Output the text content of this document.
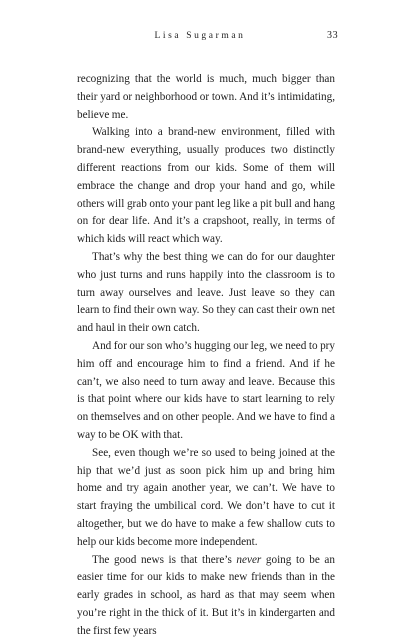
Lisa Sugarman	33

recognizing that the world is much, much bigger than their yard or neighborhood or town. And it’s intimidating, believe me.

Walking into a brand-new environment, filled with brand-new everything, usually produces two distinctly different reactions from our kids. Some of them will embrace the change and drop your hand and go, while others will grab onto your pant leg like a pit bull and hang on for dear life. And it’s a crapshoot, really, in terms of which kids will react which way.

That’s why the best thing we can do for our daughter who just turns and runs happily into the classroom is to turn away ourselves and leave. Just leave so they can learn to find their own way. So they can cast their own net and haul in their own catch.

And for our son who’s hugging our leg, we need to pry him off and encourage him to find a friend. And if he can’t, we also need to turn away and leave. Because this is that point where our kids have to start learning to rely on themselves and on other people. And we have to find a way to be OK with that.

See, even though we’re so used to being joined at the hip that we’d just as soon pick him up and bring him home and try again another year, we can’t. We have to start fraying the umbilical cord. We don’t have to cut it altogether, but we do have to make a few shallow cuts to help our kids become more independent.

The good news is that there’s never going to be an easier time for our kids to make new friends than in the early grades in school, as hard as that may seem when you’re right in the thick of it. But it’s in kindergarten and the first few years
